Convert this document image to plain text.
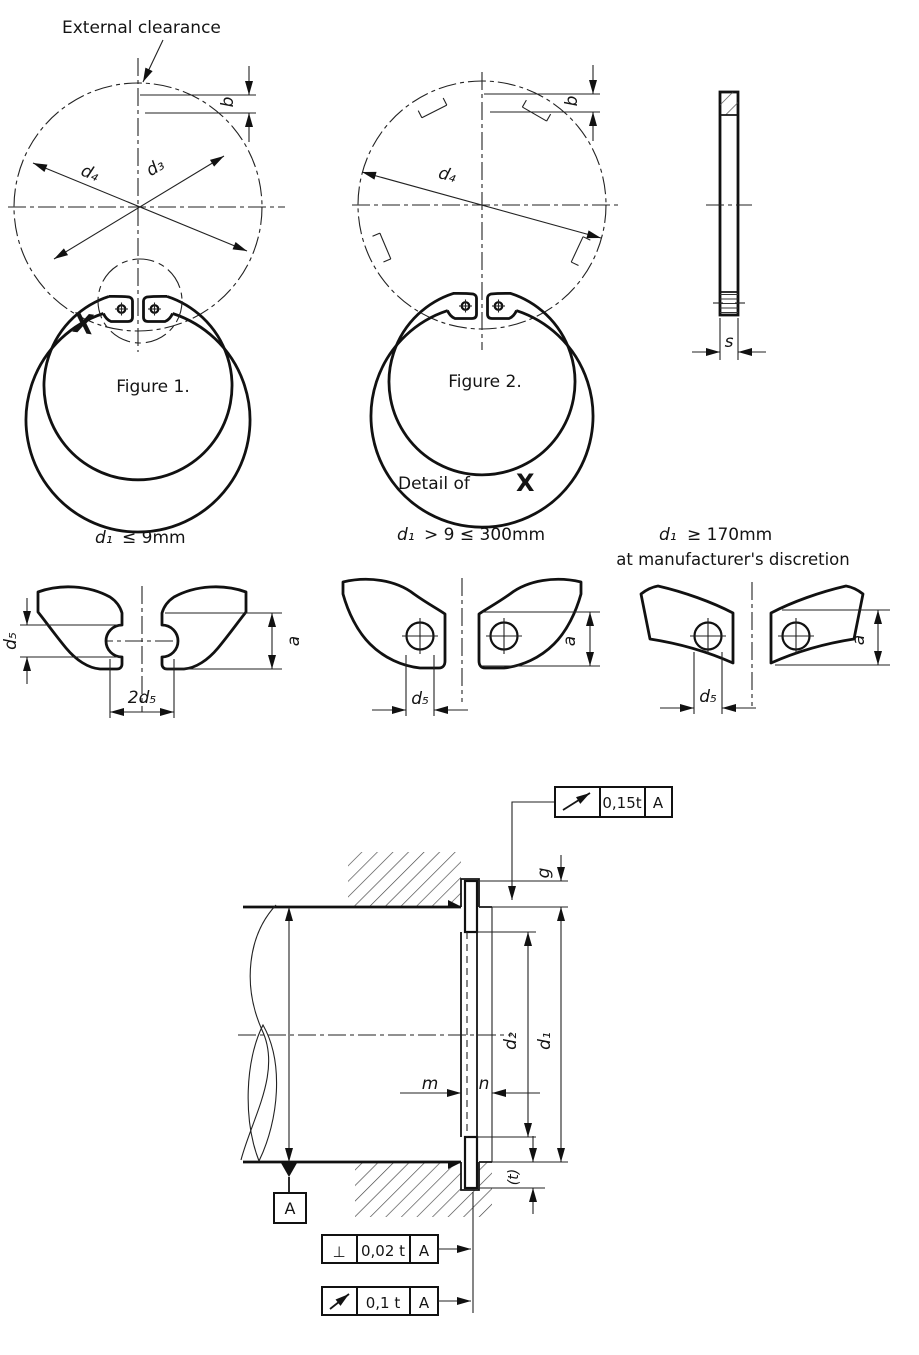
X
External clearance
d₄ d₃
b
Figure 1.
d₄
b
Figure 2.
s
Detail of X
d₁ ≤ 9mm
d₅
2d₅
a
d₁ > 9 ≤ 300mm
d₅
a
d₁ ≥ 170mm
at manufacturer's discretion
d₅
a
A
g
d₁
d₂
(t)
m n
0,15t A
⊥ 0,02 t A
0,1 t A
